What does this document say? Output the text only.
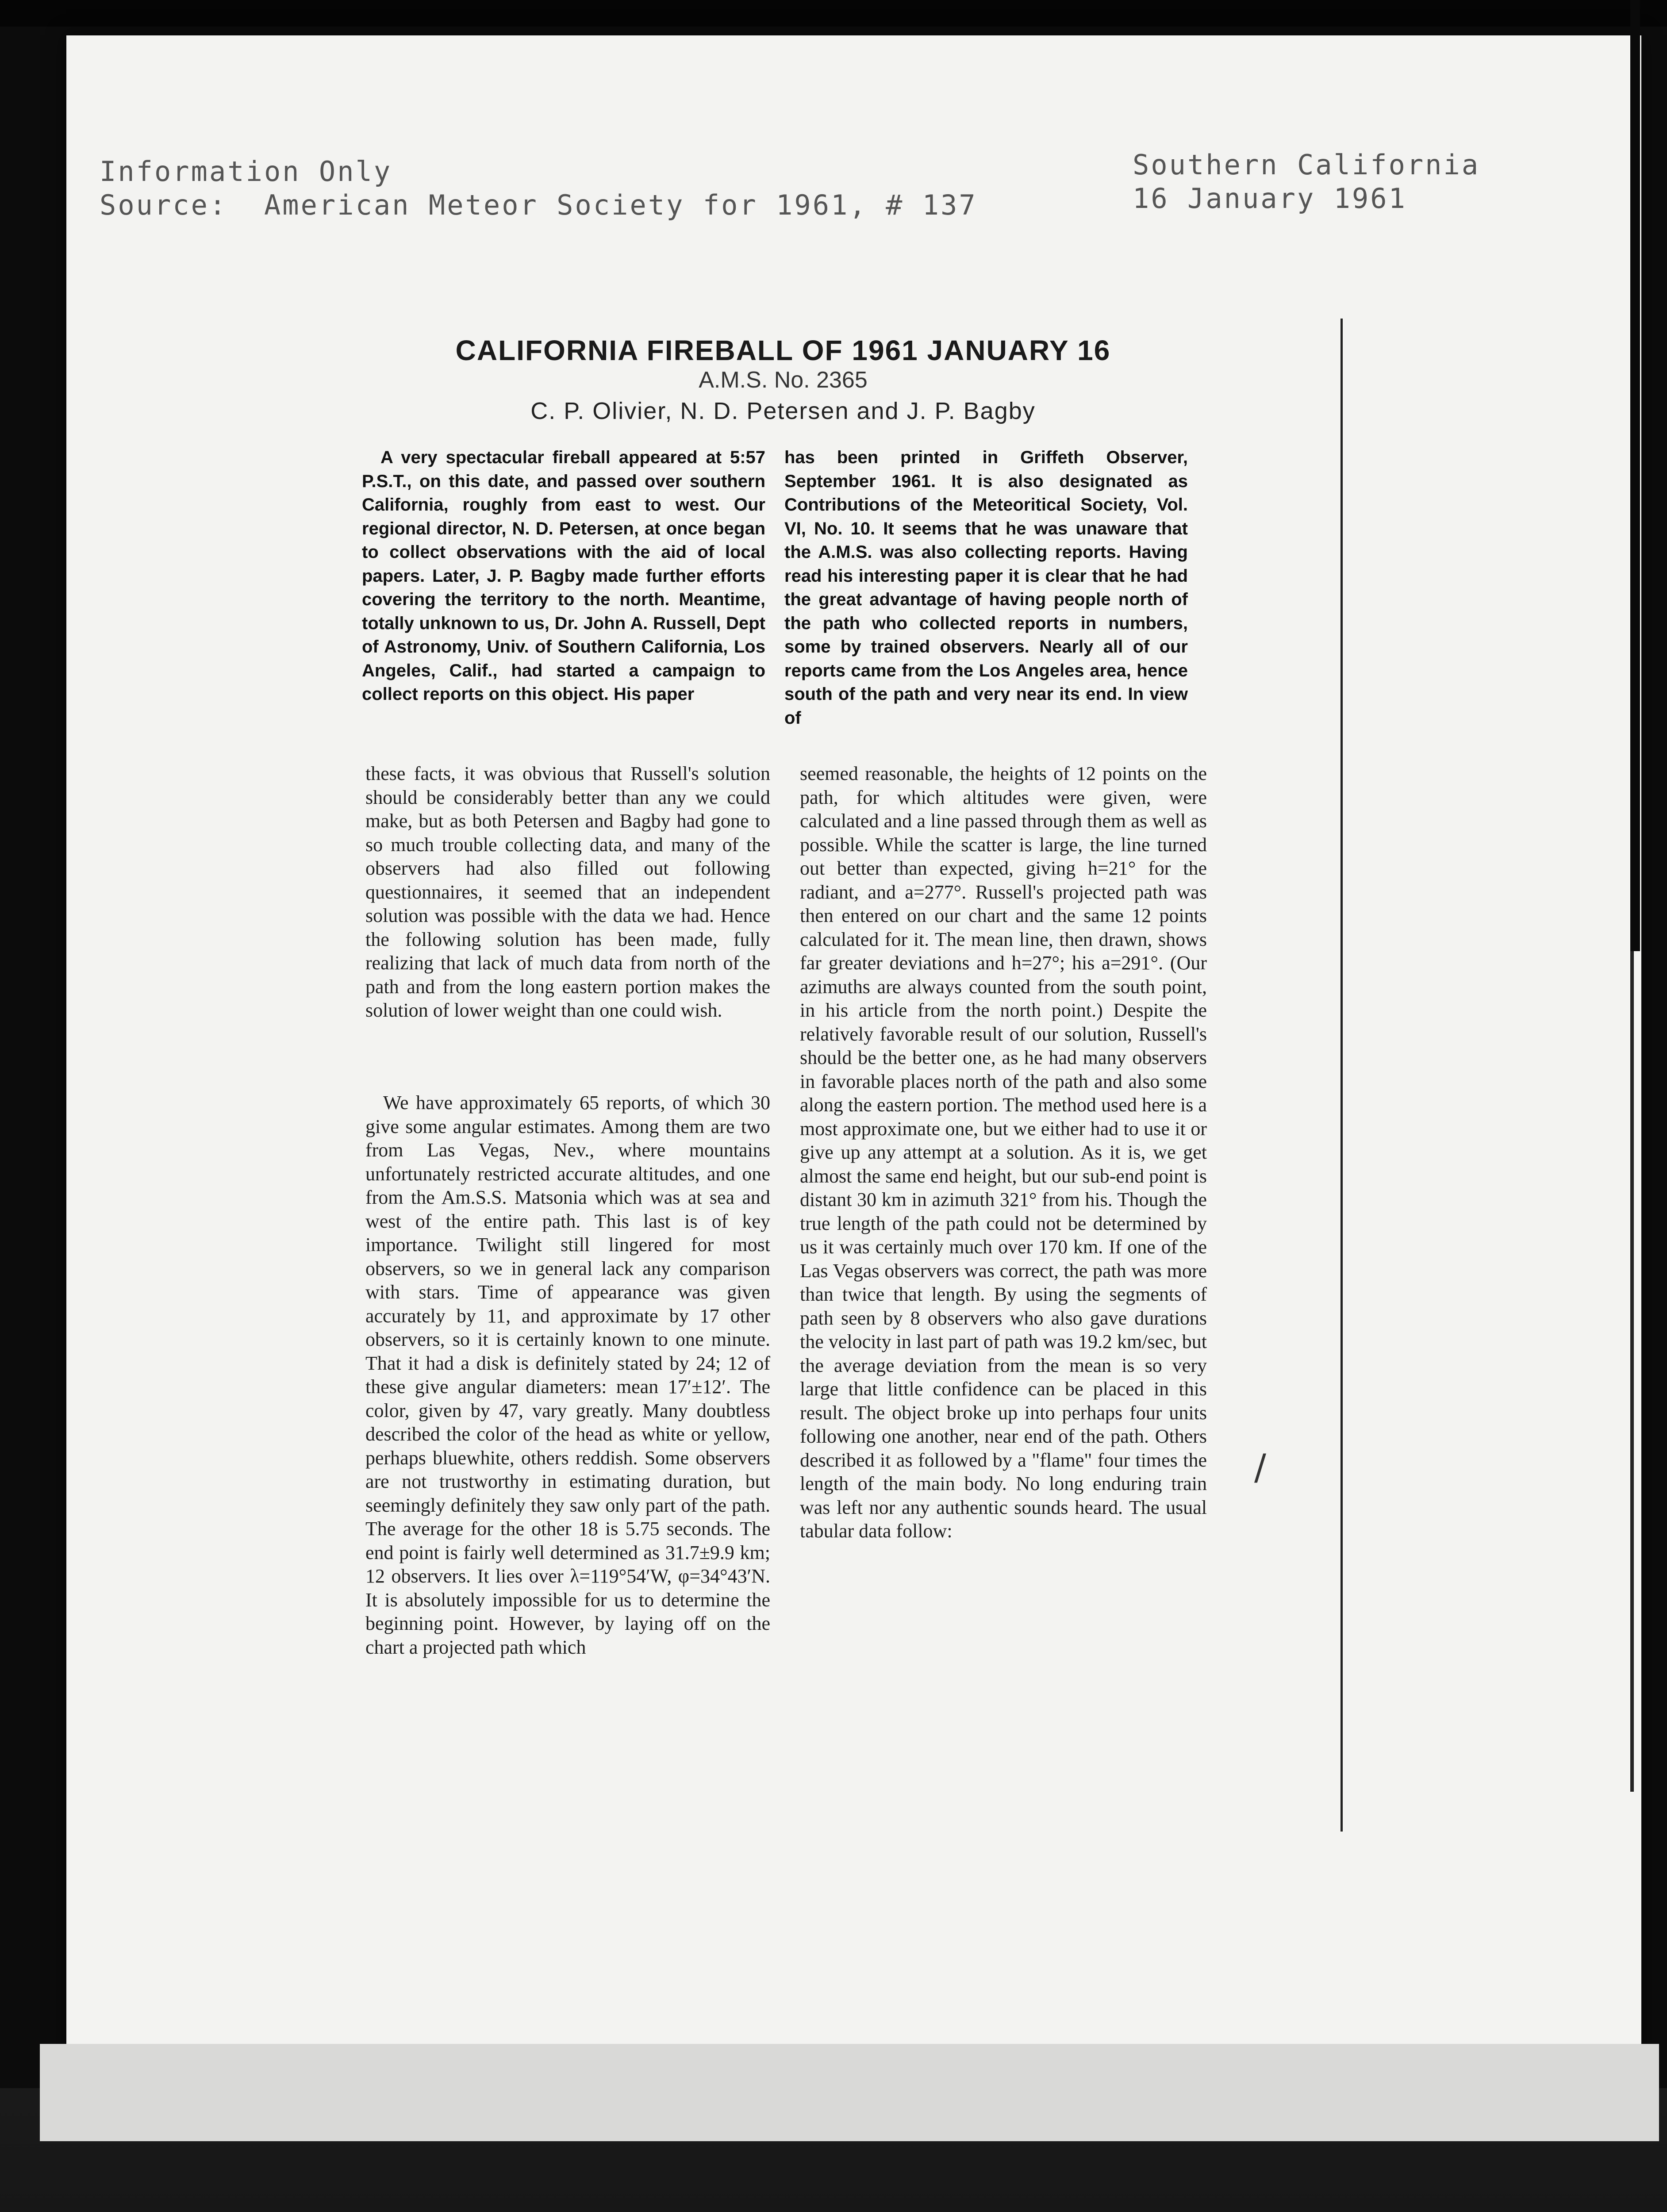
Information Only
Source:  American Meteor Society for 1961, # 137
Southern California
16 January 1961
/
CALIFORNIA FIREBALL OF 1961 JANUARY 16
A.M.S. No. 2365
C. P. Olivier, N. D. Petersen and J. P. Bagby
A very spectacular fireball appeared at 5:57 P.S.T., on this date, and passed over southern California, roughly from east to west. Our regional director, N. D. Petersen, at once began to collect observations with the aid of local papers. Later, J. P. Bagby made further efforts covering the territory to the north. Meantime, totally unknown to us, Dr. John A. Russell, Dept of Astronomy, Univ. of Southern California, Los Angeles, Calif., had started a campaign to collect reports on this object. His paper
has been printed in Griffeth Observer, September 1961. It is also designated as Contributions of the Meteoritical Society, Vol. VI, No. 10. It seems that he was unaware that the A.M.S. was also collecting reports. Having read his interesting paper it is clear that he had the great advantage of having people north of the path who collected reports in numbers, some by trained observers. Nearly all of our reports came from the Los Angeles area, hence south of the path and very near its end. In view of
these facts, it was obvious that Russell's solution should be considerably better than any we could make, but as both Petersen and Bagby had gone to so much trouble collecting data, and many of the observers had also filled out following questionnaires, it seemed that an independent solution was possible with the data we had. Hence the following solution has been made, fully realizing that lack of much data from north of the path and from the long eastern portion makes the solution of lower weight than one could wish.
We have approximately 65 reports, of which 30 give some angular estimates. Among them are two from Las Vegas, Nev., where mountains unfortunately restricted accurate altitudes, and one from the Am.S.S. Matsonia which was at sea and west of the entire path. This last is of key importance. Twilight still lingered for most observers, so we in general lack any comparison with stars. Time of appearance was given accurately by 11, and approximate by 17 other observers, so it is certainly known to one minute. That it had a disk is definitely stated by 24; 12 of these give angular diameters: mean 17′±12′. The color, given by 47, vary greatly. Many doubtless described the color of the head as white or yellow, perhaps bluewhite, others reddish. Some observers are not trustworthy in estimating duration, but seemingly definitely they saw only part of the path. The average for the other 18 is 5.75 seconds. The end point is fairly well determined as 31.7±9.9 km; 12 observers. It lies over λ=119°54′W, φ=34°43′N. It is absolutely impossible for us to determine the beginning point. However, by laying off on the chart a projected path which
seemed reasonable, the heights of 12 points on the path, for which altitudes were given, were calculated and a line passed through them as well as possible. While the scatter is large, the line turned out better than expected, giving h=21° for the radiant, and a=277°. Russell's projected path was then entered on our chart and the same 12 points calculated for it. The mean line, then drawn, shows far greater deviations and h=27°; his a=291°. (Our azimuths are always counted from the south point, in his article from the north point.) Despite the relatively favorable result of our solution, Russell's should be the better one, as he had many observers in favorable places north of the path and also some along the eastern portion. The method used here is a most approximate one, but we either had to use it or give up any attempt at a solution. As it is, we get almost the same end height, but our sub-end point is distant 30 km in azimuth 321° from his. Though the true length of the path could not be determined by us it was certainly much over 170 km. If one of the Las Vegas observers was correct, the path was more than twice that length. By using the segments of path seen by 8 observers who also gave durations the velocity in last part of path was 19.2 km/sec, but the average deviation from the mean is so very large that little confidence can be placed in this result. The object broke up into perhaps four units following one another, near end of the path. Others described it as followed by a "flame" four times the length of the main body. No long enduring train was left nor any authentic sounds heard. The usual tabular data follow:
